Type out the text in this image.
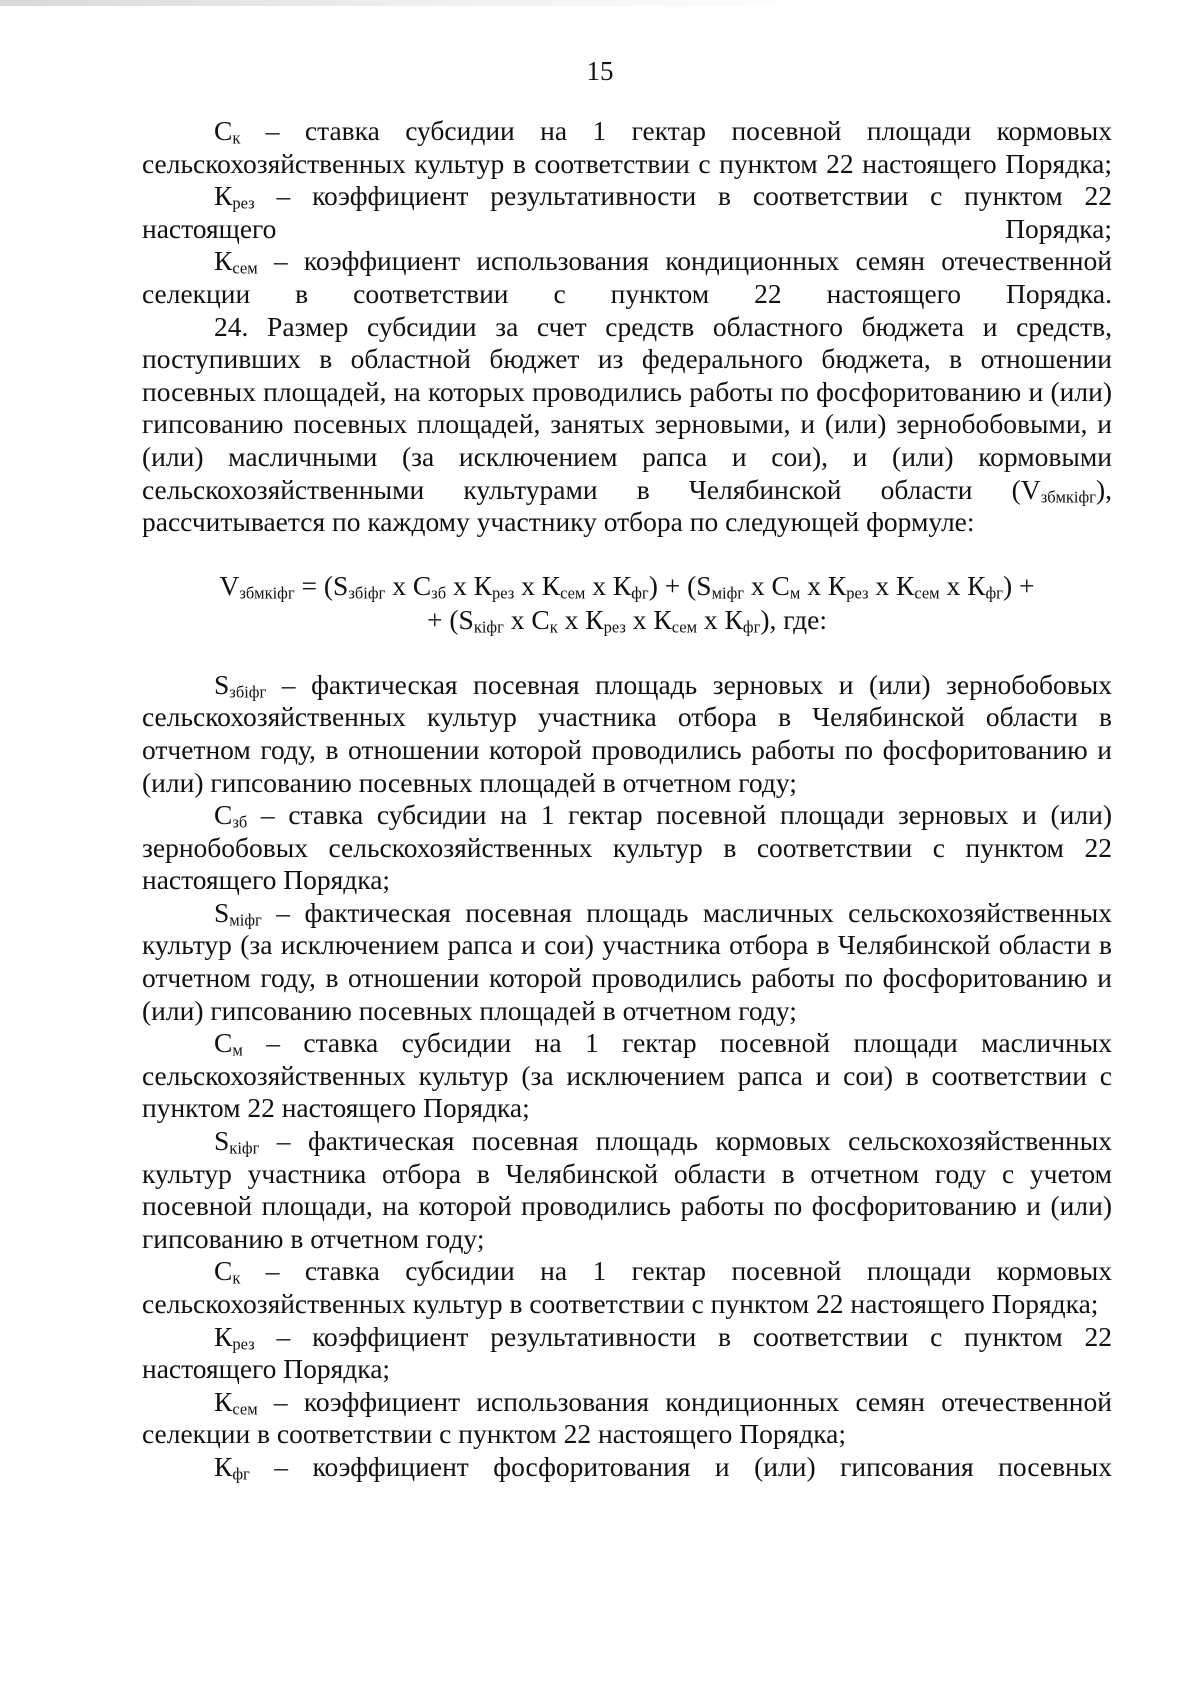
15

$С_к$ – ставка субсидии на 1 гектар посевной площади кормовых сельскохозяйственных культур в соответствии с пунктом 22 настоящего Порядка;

$К_{рез}$ – коэффициент результативности в соответствии с пунктом 22 настоящего Порядка;

$К_{сем}$ – коэффициент использования кондиционных семян отечественной селекции в соответствии с пунктом 22 настоящего Порядка.

24. Размер субсидии за счет средств областного бюджета и средств, поступивших в областной бюджет из федерального бюджета, в отношении посевных площадей, на которых проводились работы по фосфоритованию и (или) гипсованию посевных площадей, занятых зерновыми, и (или) зернобобовыми, и (или) масличными (за исключением рапса и сои), и (или) кормовыми сельскохозяйственными культурами в Челябинской области $(V_{збмкiфг})$, рассчитывается по каждому участнику отбора по следующей формуле:

$V_{збмкiфг} = (S_{збiфг}$ х $С_{зб}$ х $К_{рез}$ х $К_{сем}$ х $К_{фг}) + (S_{мiфг}$ х $С_м$ х $К_{рез}$ х $К_{сем}$ х $К_{фг}$) +
+ ($S_{кiфг}$ х $С_к$ х $К_{рез}$ х $К_{сем}$ х $К_{фг}$), где:

$S_{збiфг}$ – фактическая посевная площадь зерновых и (или) зернобобовых сельскохозяйственных культур участника отбора в Челябинской области в отчетном году, в отношении которой проводились работы по фосфоритованию и (или) гипсованию посевных площадей в отчетном году;

$С_{зб}$ – ставка субсидии на 1 гектар посевной площади зерновых и (или) зернобобовых сельскохозяйственных культур в соответствии с пунктом 22 настоящего Порядка;

$S_{мiфг}$ – фактическая посевная площадь масличных сельскохозяйственных культур (за исключением рапса и сои) участника отбора в Челябинской области в отчетном году, в отношении которой проводились работы по фосфоритованию и (или) гипсованию посевных площадей в отчетном году;

$С_м$ – ставка субсидии на 1 гектар посевной площади масличных сельскохозяйственных культур (за исключением рапса и сои) в соответствии с пунктом 22 настоящего Порядка;

$S_{кiфг}$ – фактическая посевная площадь кормовых сельскохозяйственных культур участника отбора в Челябинской области в отчетном году с учетом посевной площади, на которой проводились работы по фосфоритованию и (или) гипсованию в отчетном году;

$С_к$ – ставка субсидии на 1 гектар посевной площади кормовых сельскохозяйственных культур в соответствии с пунктом 22 настоящего Порядка;

$К_{рез}$ – коэффициент результативности в соответствии с пунктом 22 настоящего Порядка;

$К_{сем}$ – коэффициент использования кондиционных семян отечественной селекции в соответствии с пунктом 22 настоящего Порядка;

$К_{фг}$ – коэффициент фосфоритования и (или) гипсования посевных
